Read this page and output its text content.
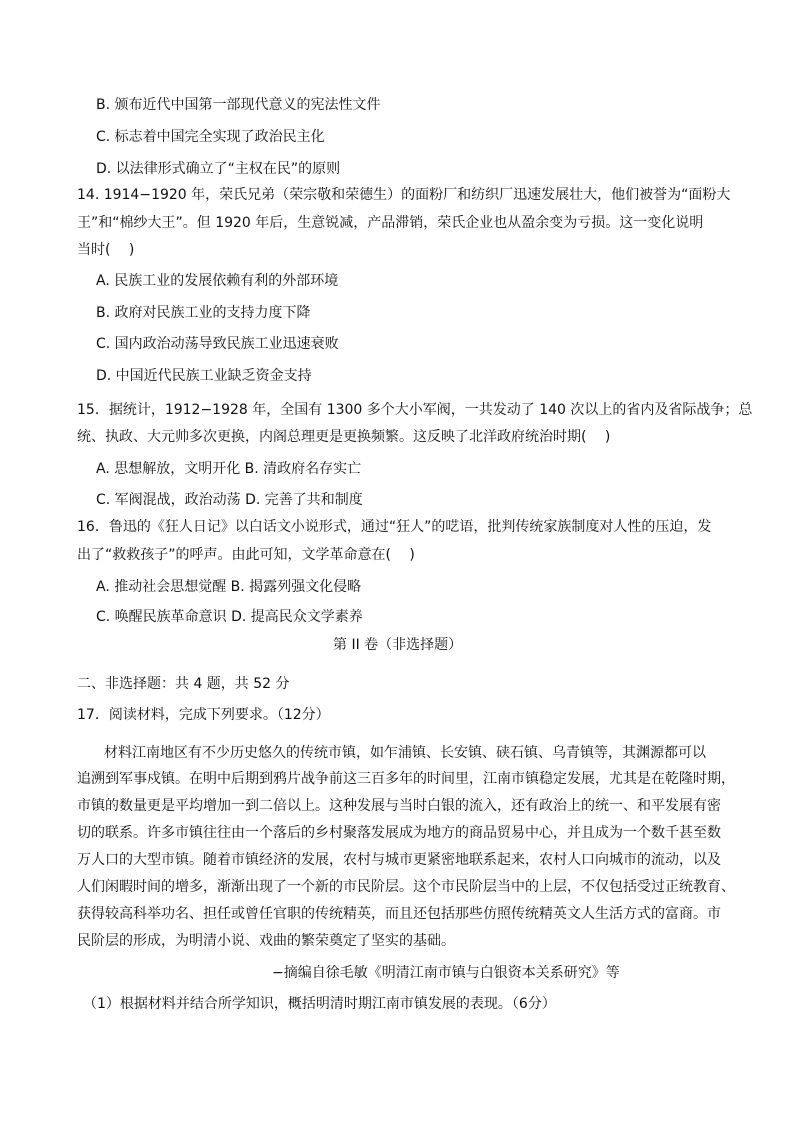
B. 颁布近代中国第一部现代意义的宪法性文件
C. 标志着中国完全实现了政治民主化
D. 以法律形式确立了“主权在民”的原则
14. 1914−1920 年，荣氏兄弟（荣宗敬和荣德生）的面粉厂和纺织厂迅速发展壮大，他们被誉为“面粉大
王”和“棉纱大王”。但 1920 年后，生意锐减，产品滞销，荣氏企业也从盈余变为亏损。这一变化说明
当时(　 )
A. 民族工业的发展依赖有利的外部环境
B. 政府对民族工业的支持力度下降
C. 国内政治动荡导致民族工业迅速衰败
D. 中国近代民族工业缺乏资金支持
15．据统计，1912−1928 年，全国有 1300 多个大小军阀，一共发动了 140 次以上的省内及省际战争；总
统、执政、大元帅多次更换，内阁总理更是更换频繁。这反映了北洋政府统治时期(　 )
A. 思想解放，文明开化 B. 清政府名存实亡
C. 军阀混战，政治动荡 D. 完善了共和制度
16．鲁迅的《狂人日记》以白话文小说形式，通过“狂人”的呓语，批判传统家族制度对人性的压迫，发
出了“救救孩子”的呼声。由此可知，文学革命意在(　 )
A. 推动社会思想觉醒 B. 揭露列强文化侵略
C. 唤醒民族革命意识 D. 提高民众文学素养
第 II 卷（非选择题）
二、非选择题：共 4 题，共 52 分
17．阅读材料，完成下列要求。（12分）
材料江南地区有不少历史悠久的传统市镇，如乍浦镇、长安镇、硖石镇、乌青镇等，其渊源都可以
追溯到军事戍镇。在明中后期到鸦片战争前这三百多年的时间里，江南市镇稳定发展，尤其是在乾隆时期，
市镇的数量更是平均增加一到二倍以上。这种发展与当时白银的流入，还有政治上的统一、和平发展有密
切的联系。许多市镇往往由一个落后的乡村聚落发展成为地方的商品贸易中心，并且成为一个数千甚至数
万人口的大型市镇。随着市镇经济的发展，农村与城市更紧密地联系起来，农村人口向城市的流动，以及
人们闲暇时间的增多，渐渐出现了一个新的市民阶层。这个市民阶层当中的上层，不仅包括受过正统教育、
获得较高科举功名、担任或曾任官职的传统精英，而且还包括那些仿照传统精英文人生活方式的富商。市
民阶层的形成，为明清小说、戏曲的繁荣奠定了坚实的基础。
−摘编自徐毛敏《明清江南市镇与白银资本关系研究》等
（1）根据材料并结合所学知识，概括明清时期江南市镇发展的表现。（6分）
